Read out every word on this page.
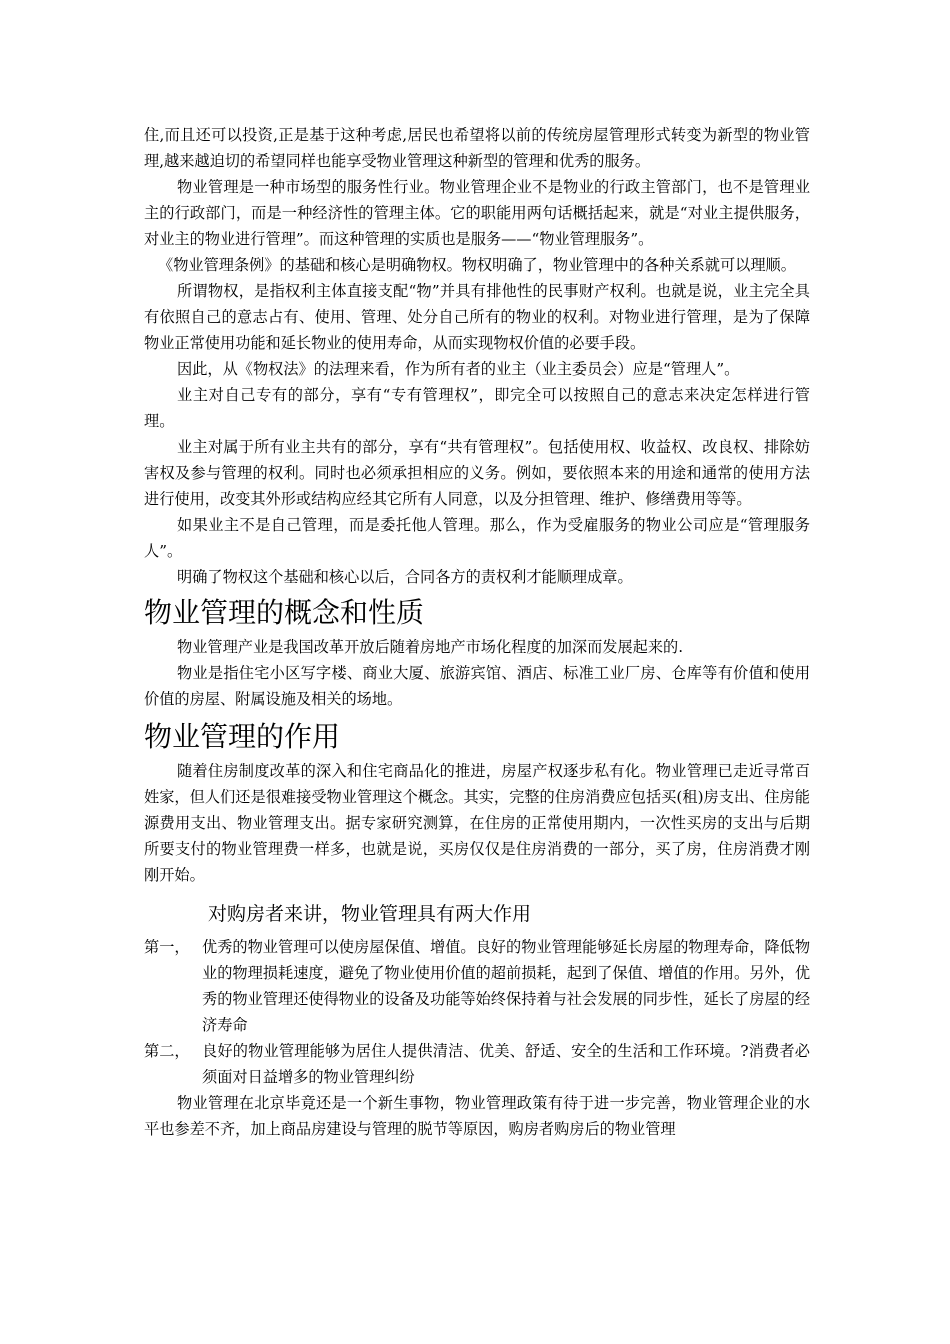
住,而且还可以投资,正是基于这种考虑,居民也希望将以前的传统房屋管理形式转变为新型的物业管理,越来越迫切的希望同样也能享受物业管理这种新型的管理和优秀的服务。

物业管理是一种市场型的服务性行业。物业管理企业不是物业的行政主管部门，也不是管理业主的行政部门，而是一种经济性的管理主体。它的职能用两句话概括起来，就是“对业主提供服务，对业主的物业进行管理”。而这种管理的实质也是服务——“物业管理服务”。

《物业管理条例》的基础和核心是明确物权。物权明确了，物业管理中的各种关系就可以理顺。

所谓物权，是指权利主体直接支配“物”并具有排他性的民事财产权利。也就是说，业主完全具有依照自己的意志占有、使用、管理、处分自己所有的物业的权利。对物业进行管理，是为了保障物业正常使用功能和延长物业的使用寿命，从而实现物权价值的必要手段。

因此，从《物权法》的法理来看，作为所有者的业主（业主委员会）应是“管理人”。

业主对自己专有的部分，享有“专有管理权”，即完全可以按照自己的意志来决定怎样进行管理。

业主对属于所有业主共有的部分，享有“共有管理权”。包括使用权、收益权、改良权、排除妨害权及参与管理的权利。同时也必须承担相应的义务。例如，要依照本来的用途和通常的使用方法进行使用，改变其外形或结构应经其它所有人同意，以及分担管理、维护、修缮费用等等。

如果业主不是自己管理，而是委托他人管理。那么，作为受雇服务的物业公司应是“管理服务人”。

明确了物权这个基础和核心以后，合同各方的责权利才能顺理成章。

物业管理的概念和性质

物业管理产业是我国改革开放后随着房地产市场化程度的加深而发展起来的.

物业是指住宅小区写字楼、商业大厦、旅游宾馆、酒店、标准工业厂房、仓库等有价值和使用价值的房屋、附属设施及相关的场地。

物业管理的作用

随着住房制度改革的深入和住宅商品化的推进，房屋产权逐步私有化。物业管理已走近寻常百姓家，但人们还是很难接受物业管理这个概念。其实，完整的住房消费应包括买(租)房支出、住房能源费用支出、物业管理支出。据专家研究测算，在住房的正常使用期内，一次性买房的支出与后期所要支付的物业管理费一样多，也就是说，买房仅仅是住房消费的一部分，买了房，住房消费才刚刚开始。

对购房者来讲，物业管理具有两大作用
第一， 优秀的物业管理可以使房屋保值、增值。良好的物业管理能够延长房屋的物理寿命，降低物业的物理损耗速度，避免了物业使用价值的超前损耗，起到了保值、增值的作用。另外，优秀的物业管理还使得物业的设备及功能等始终保持着与社会发展的同步性，延长了房屋的经济寿命
第二， 良好的物业管理能够为居住人提供清洁、优美、舒适、安全的生活和工作环境。?消费者必须面对日益增多的物业管理纠纷

物业管理在北京毕竟还是一个新生事物，物业管理政策有待于进一步完善，物业管理企业的水平也参差不齐，加上商品房建设与管理的脱节等原因，购房者购房后的物业管理
